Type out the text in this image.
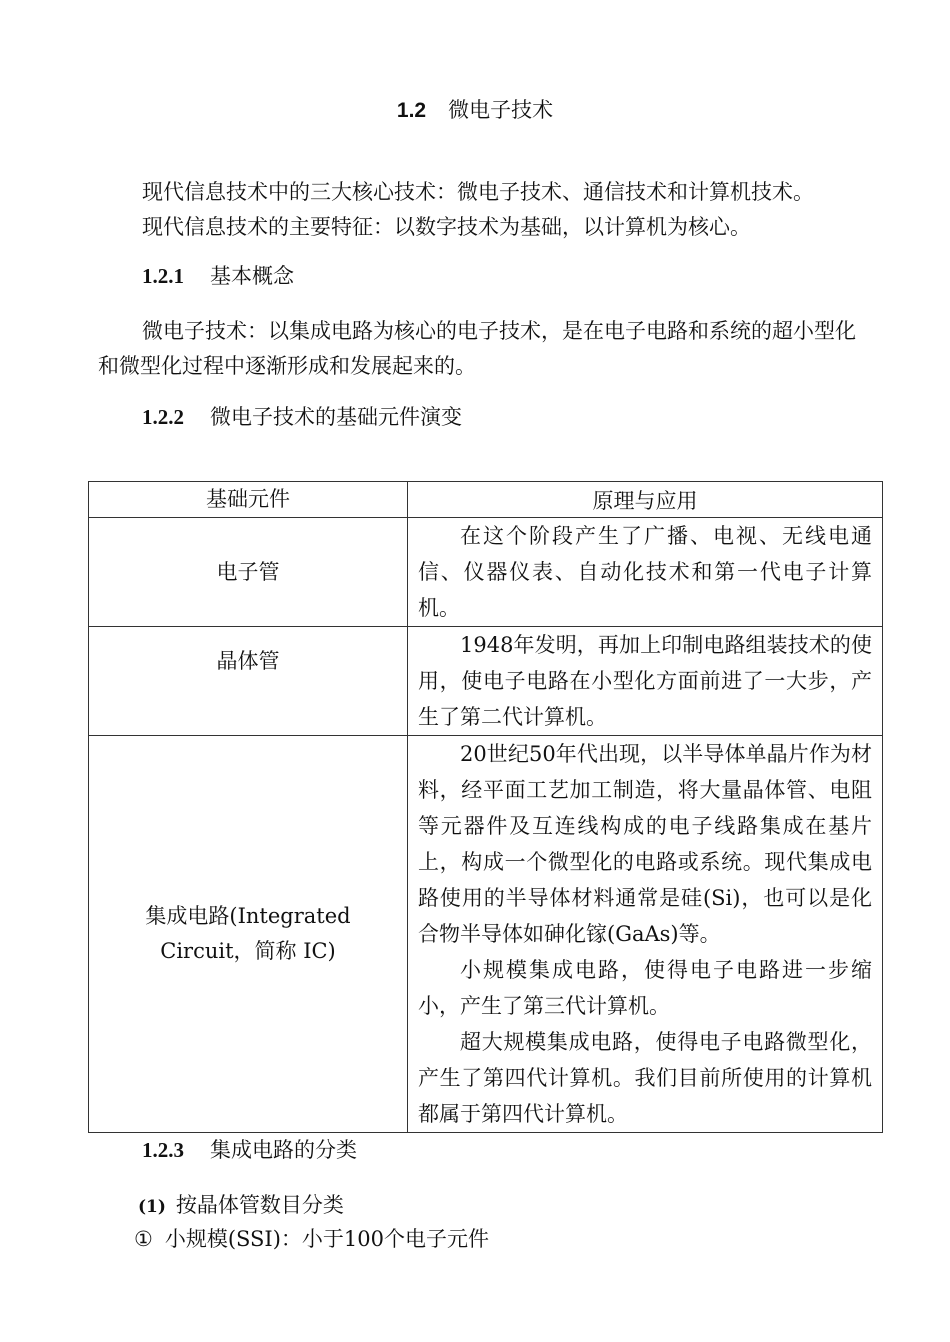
1.2 微电子技术
现代信息技术中的三大核心技术：微电子技术、通信技术和计算机技术。
现代信息技术的主要特征：以数字技术为基础，以计算机为核心。
1.2.1 基本概念
微电子技术：以集成电路为核心的电子技术，是在电子电路和系统的超小型化和微型化过程中逐渐形成和发展起来的。
1.2.2 微电子技术的基础元件演变
基础元件	原理与应用
电子管	在这个阶段产生了广播、电视、无线电通信、仪器仪表、自动化技术和第一代电子计算机。

晶体管	1948年发明，再加上印制电路组装技术的使用，使电子电路在小型化方面前进了一大步，产生了第二代计算机。

集成电路(Integrated Circuit，简称 IC)	20世纪50年代出现，以半导体单晶片作为材料，经平面工艺加工制造，将大量晶体管、电阻等元器件及互连线构成的电子线路集成在基片上，构成一个微型化的电路或系统。现代集成电路使用的半导体材料通常是硅(Si)，也可以是化合物半导体如砷化镓(GaAs)等。

小规模集成电路，使得电子电路进一步缩小，产生了第三代计算机。

超大规模集成电路，使得电子电路微型化，产生了第四代计算机。我们目前所使用的计算机都属于第四代计算机。

1.2.3 集成电路的分类
(1) 按晶体管数目分类
① 小规模(SSI)：小于100个电子元件
